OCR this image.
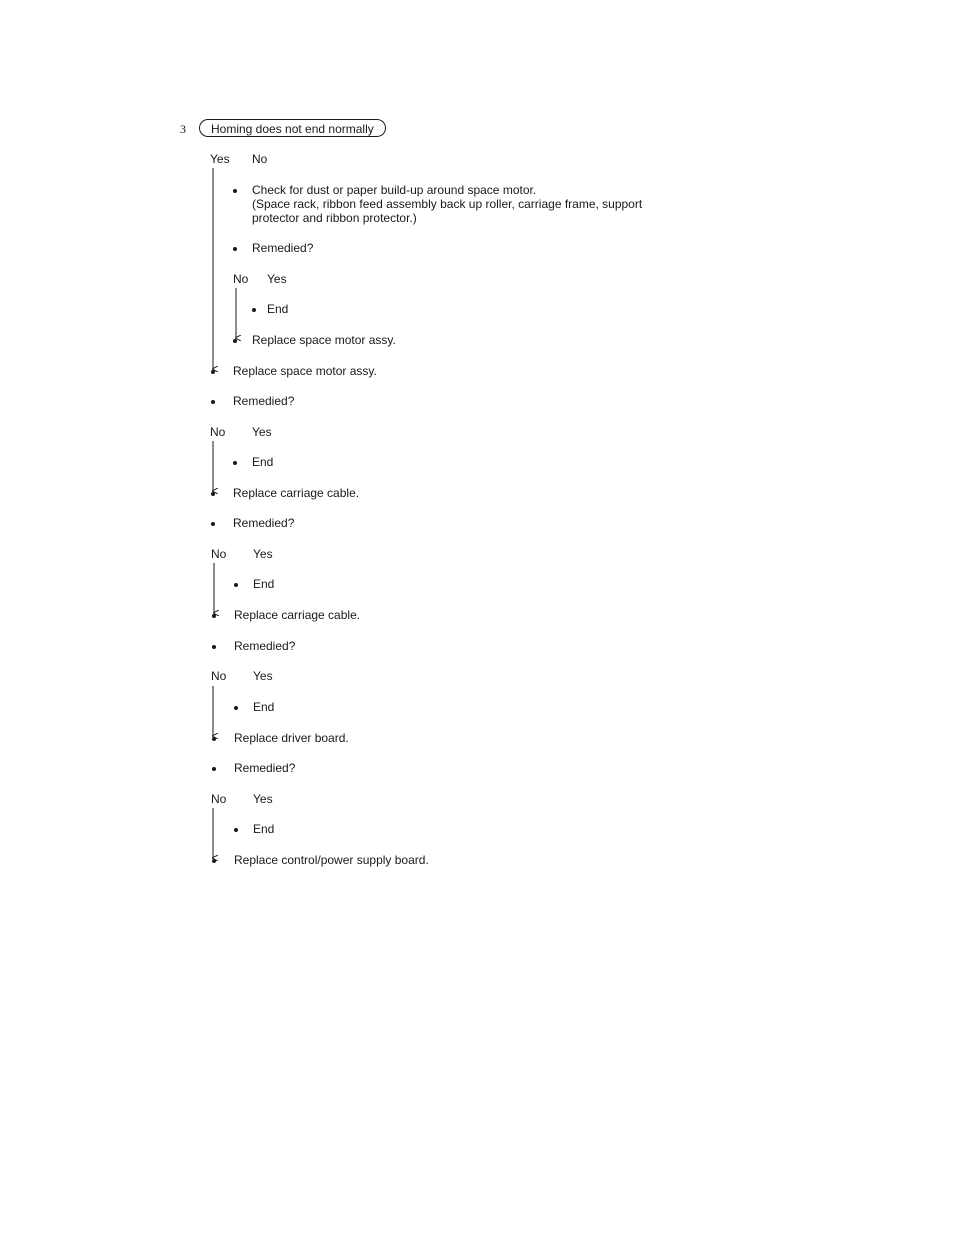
3	Homing does not end normally
Yes No
Check for dust or paper build-up around space motor.
(Space rack, ribbon feed assembly back up roller, carriage frame, support
protector and ribbon protector.)
Remedied?
No Yes
End
Replace space motor assy.
Replace space motor assy.
Remedied?
No Yes
End
Replace carriage cable.
Remedied?
No Yes
End
Replace carriage cable.
Remedied?
No Yes
End
Replace driver board.
Remedied?
No Yes
End
Replace control/power supply board.
